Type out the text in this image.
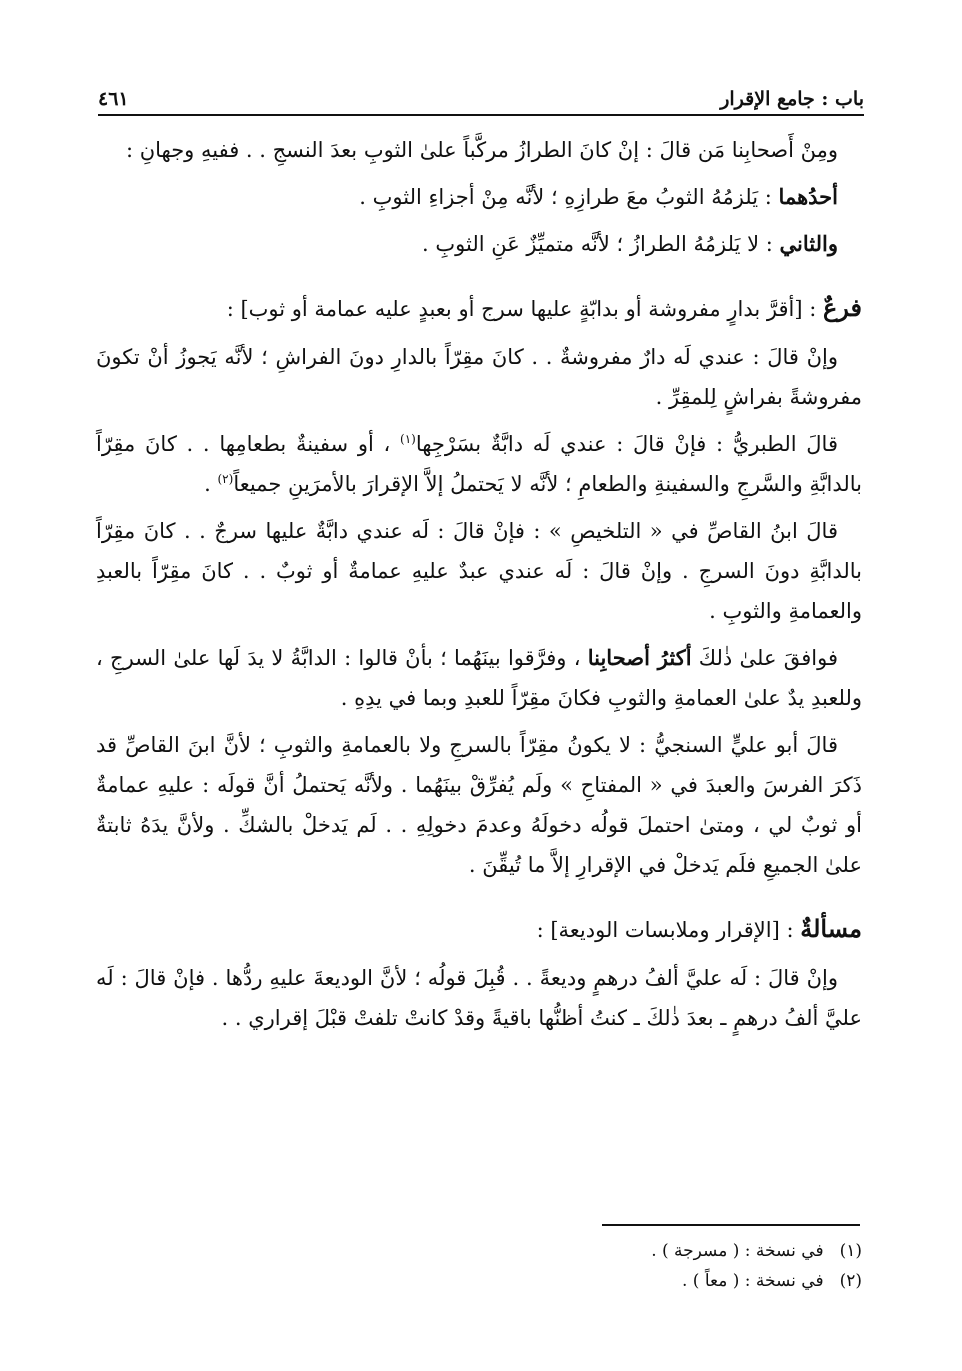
باب : جامع الإقرار
٤٦١

ومِنْ أَصحابِنا مَن قالَ : إنْ كانَ الطرازُ مركَّباً علىٰ الثوبِ بعدَ النسجِ . . ففيهِ وجهانِ :

أحدُهما : يَلزمُهُ الثوبُ معَ طرازِهِ ؛ لأنَّه مِنْ أجزاءِ الثوبِ .

والثاني : لا يَلزمُهُ الطرازُ ؛ لأنَّه متميِّزٌ عَنِ الثوبِ .

فرعٌ : [أقرَّ بدارٍ مفروشة أو بدابّةٍ عليها سرج أو بعبدٍ عليه عمامة أو ثوب] :

وإنْ قالَ : عندي لَه دارٌ مفروشةٌ . . كانَ مقِرّاً بالدارِ دونَ الفراشِ ؛ لأنَّه يَجوزُ أنْ تكونَ مفروشةً بفراشٍ لِلمقِرِّ .

قالَ الطبريُّ : فإنْ قالَ : عندي لَه دابَّةٌ بسَرْجِها$^{(١)}$ ، أو سفينةٌ بطعامِها . . كانَ مقِرّاً بالدابَّةِ والسَّرجِ والسفينةِ والطعامِ ؛ لأنَّه لا يَحتملُ إلاَّ الإقرارَ بالأمرَينِ جميعاً$^{(٢)}$ .

قالَ ابنُ القاصِّ في « التلخيصِ » : فإنْ قالَ : لَه عندي دابَّةٌ عليها سرجٌ . . كانَ مقِرّاً بالدابَّةِ دونَ السرجِ . وإنْ قالَ : لَه عندي عبدٌ عليهِ عمامةٌ أو ثوبٌ . . كانَ مقِرّاً بالعبدِ والعمامةِ والثوبِ .

فوافقَ علىٰ ذٰلكَ أكثرُ أصحابِنا ، وفرَّقوا بينَهُما ؛ بأنْ قالوا : الدابَّةُ لا يدَ لَها علىٰ السرجِ ، وللعبدِ يدٌ علىٰ العمامةِ والثوبِ فكانَ مقِرّاً للعبدِ وبما في يدِهِ .

قالَ أبو عليٍّ السنجيُّ : لا يكونُ مقِرّاً بالسرجِ ولا بالعمامةِ والثوبِ ؛ لأنَّ ابنَ القاصِّ قد ذَكرَ الفرسَ والعبدَ في « المفتاحِ » ولَم يُفرِّقْ بينَهُما . ولأنَّه يَحتملُ أنَّ قولَه : عليهِ عمامةٌ أو ثوبٌ لي ، ومتىٰ احتملَ قولُه دخولَهُ وعدمَ دخولِهِ . . لَم يَدخلْ بالشكِّ . ولأنَّ يدَهُ ثابتةٌ علىٰ الجميعِ فلَم يَدخلْ في الإقرارِ إلاَّ ما تُيقِّنَ .

مسألةٌ : [الإقرار وملابسات الوديعة] :

وإنْ قالَ : لَه عليَّ ألفُ درهمٍ وديعةً . . قُبِلَ قولُه ؛ لأنَّ الوديعةَ عليهِ ردُّها . فإنْ قالَ : لَه عليَّ ألفُ درهمٍ ـ بعدَ ذٰلكَ ـ كنتُ أظنُّها باقيةً وقدْ كانتْ تلفتْ قبْلَ إقراري . .

(١)
في نسخة : ( مسرجة ) .
(٢)
في نسخة : ( معاً ) .
